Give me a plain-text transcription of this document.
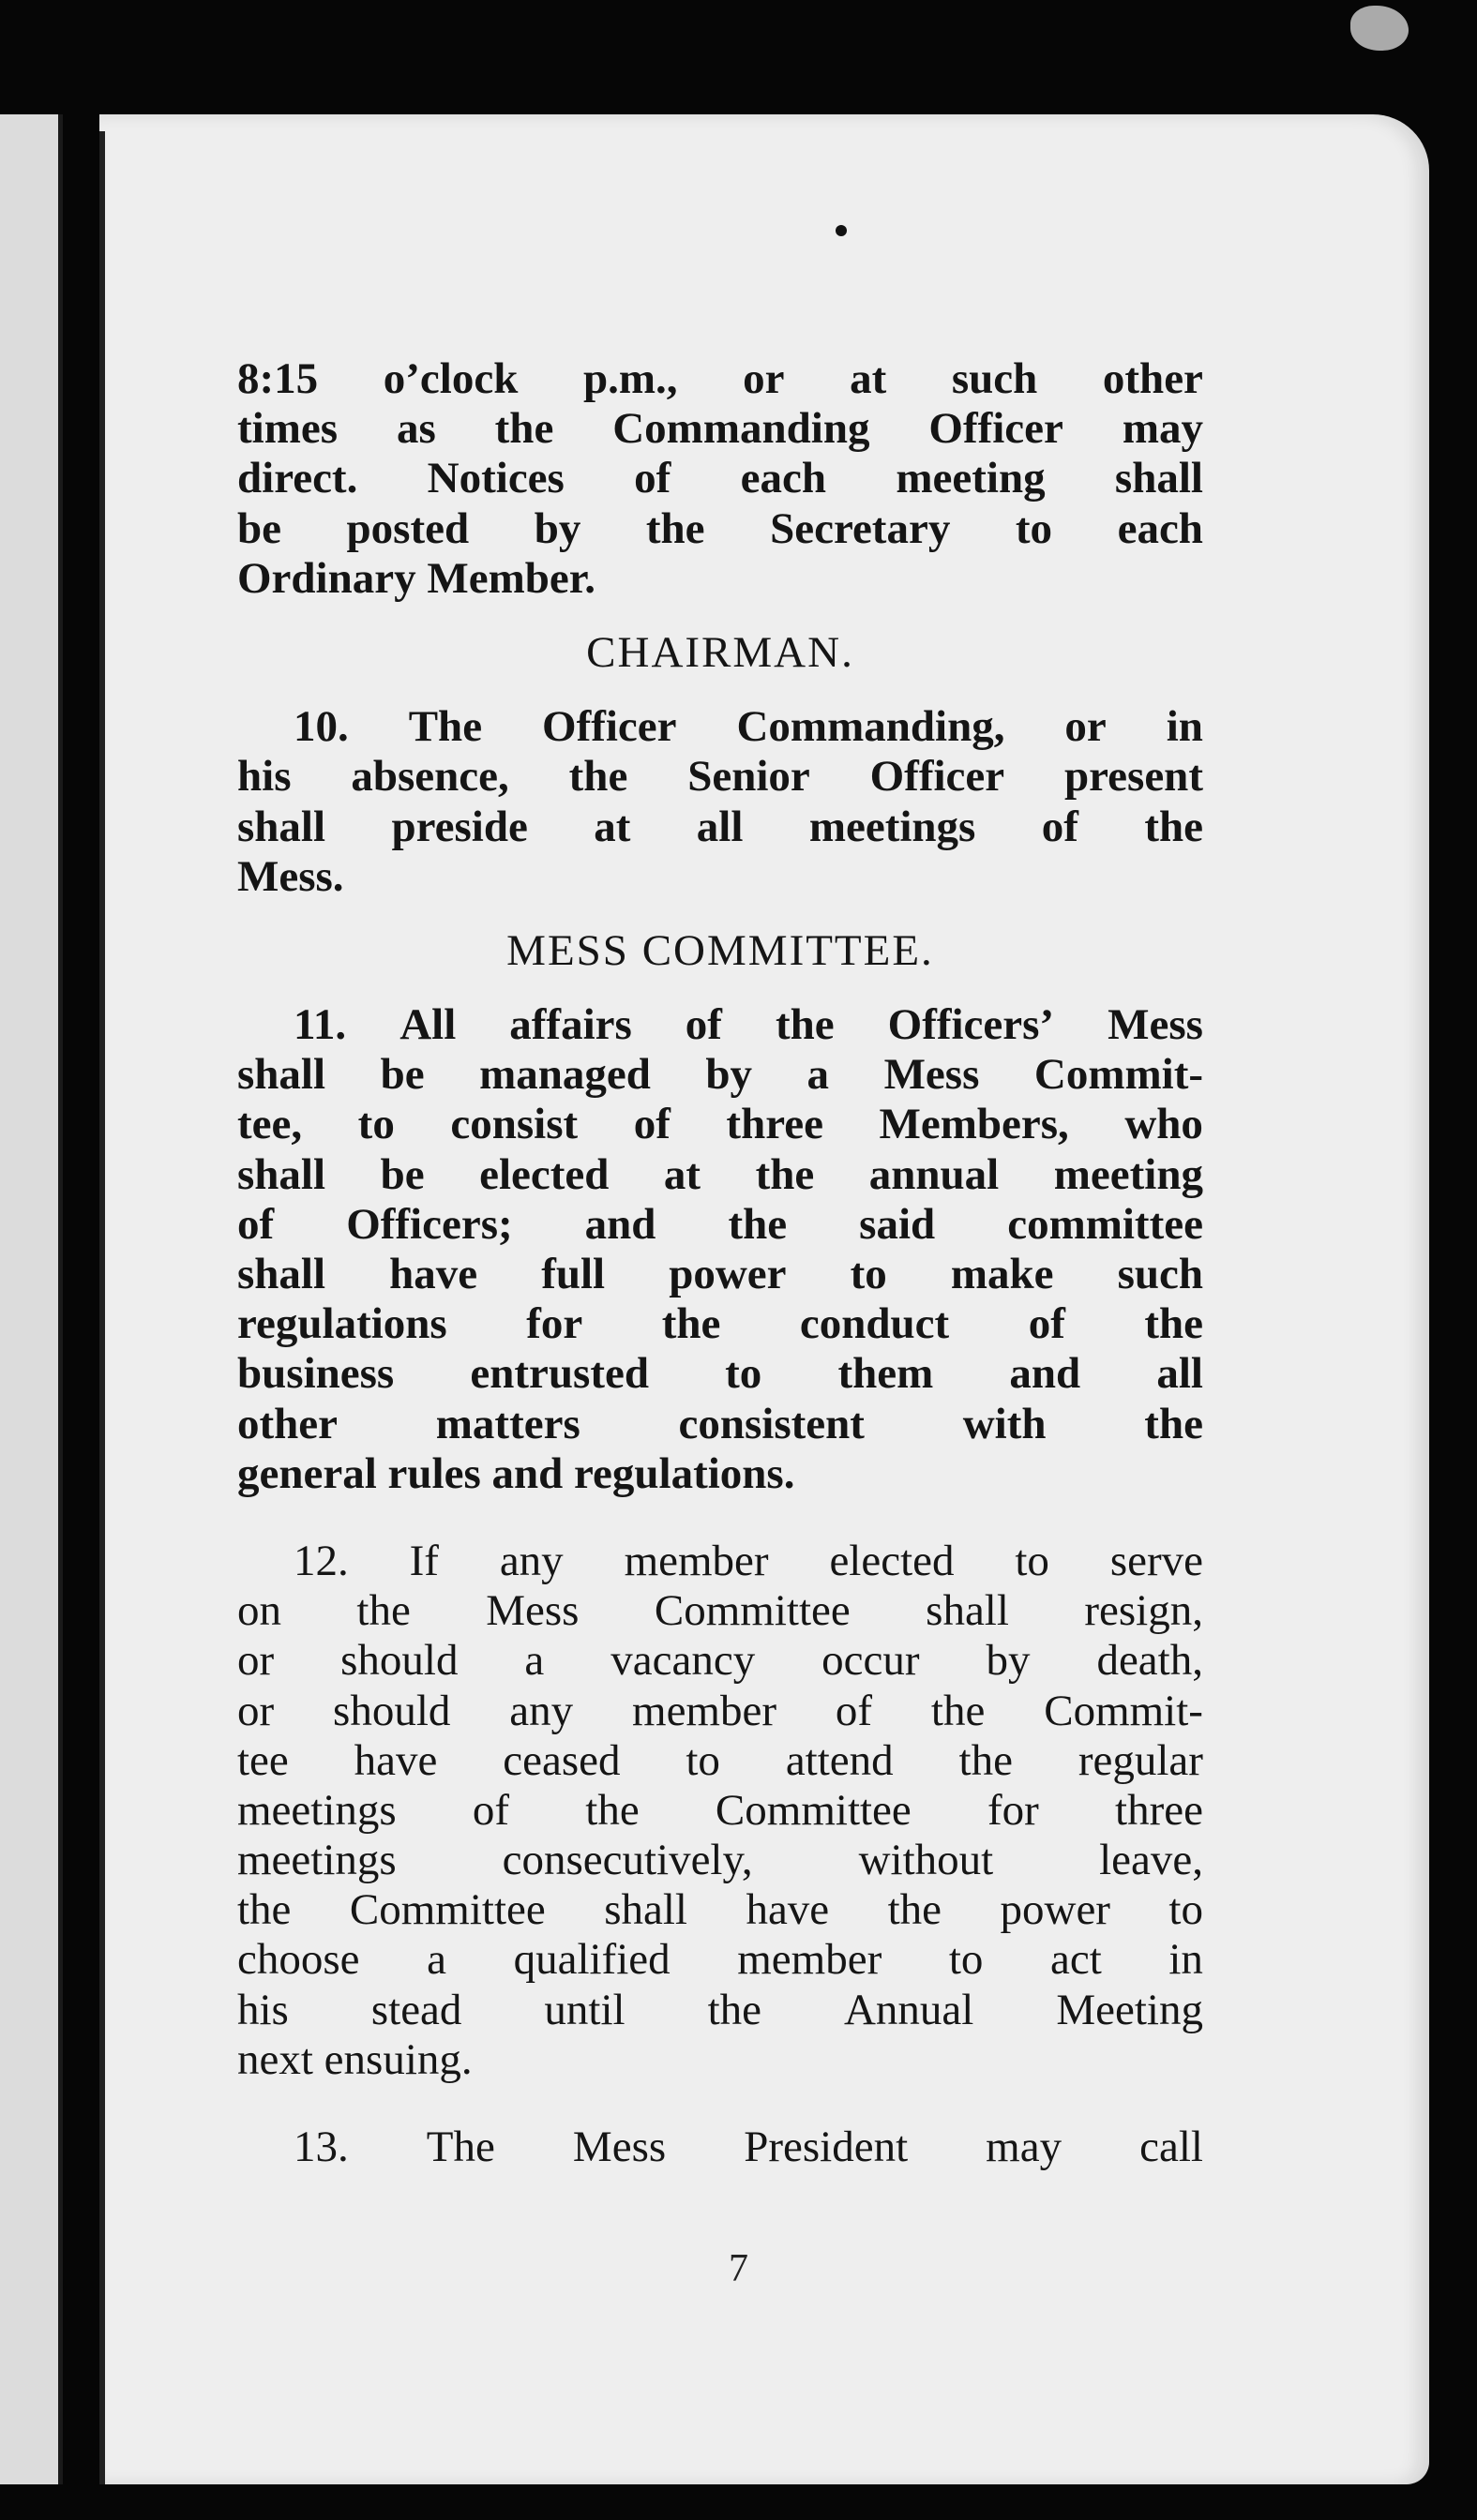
8:15 o’clock p.m., or at such other
times as the Commanding Officer may
direct. Notices of each meeting shall
be posted by the Secretary to each
Ordinary Member.
CHAIRMAN.
10. The Officer Commanding, or in
his absence, the Senior Officer present
shall preside at all meetings of the
Mess.
MESS COMMITTEE.
11. All affairs of the Officers’ Mess
shall be managed by a Mess Commit-
tee, to consist of three Members, who
shall be elected at the annual meeting
of Officers; and the said committee
shall have full power to make such
regulations for the conduct of the
business entrusted to them and all
other matters consistent with the
general rules and regulations.
12. If any member elected to serve
on the Mess Committee shall resign,
or should a vacancy occur by death,
or should any member of the Commit-
tee have ceased to attend the regular
meetings of the Committee for three
meetings consecutively, without leave,
the Committee shall have the power to
choose a qualified member to act in
his stead until the Annual Meeting
next ensuing.
13. The Mess President may call
7
